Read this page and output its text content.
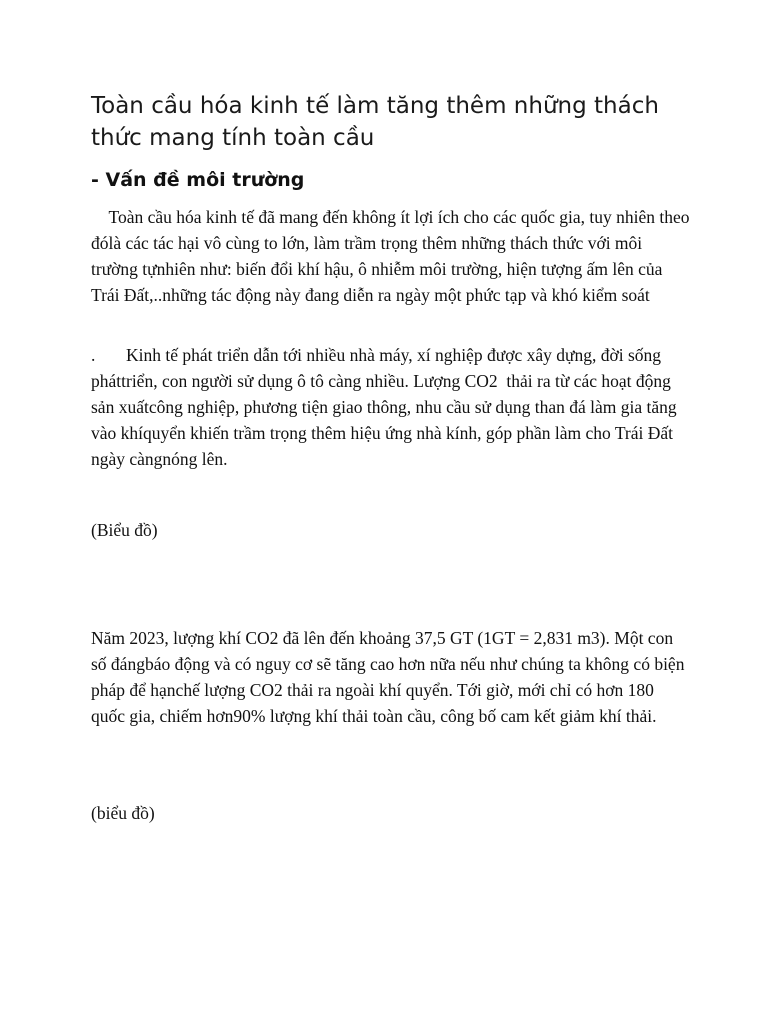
Toàn cầu hóa kinh tế làm tăng thêm những thách thức mang tính toàn cầu
- Vấn đề môi trường

Toàn cầu hóa kinh tế đã mang đến không ít lợi ích cho các quốc gia, tuy nhiên theo đólà các tác hại vô cùng to lớn, làm trầm trọng thêm những thách thức với môi trường tựnhiên như: biến đổi khí hậu, ô nhiễm môi trường, hiện tượng ấm lên của Trái Đất,..những tác động này đang diễn ra ngày một phức tạp và khó kiểm soát

.       Kinh tế phát triển dẫn tới nhiều nhà máy, xí nghiệp được xây dựng, đời sống pháttriển, con người sử dụng ô tô càng nhiều. Lượng CO2  thải ra từ các hoạt động sản xuấtcông nghiệp, phương tiện giao thông, nhu cầu sử dụng than đá làm gia tăng vào khíquyển khiến trầm trọng thêm hiệu ứng nhà kính, góp phần làm cho Trái Đất ngày càngnóng lên.

(Biểu đồ)

Năm 2023, lượng khí CO2 đã lên đến khoảng 37,5 GT (1GT = 2,831 m3). Một con số đángbáo động và có nguy cơ sẽ tăng cao hơn nữa nếu như chúng ta không có biện pháp để hạnchế lượng CO2 thải ra ngoài khí quyển. Tới giờ, mới chỉ có hơn 180 quốc gia, chiếm hơn90% lượng khí thải toàn cầu, công bố cam kết giảm khí thải.

(biểu đồ)
